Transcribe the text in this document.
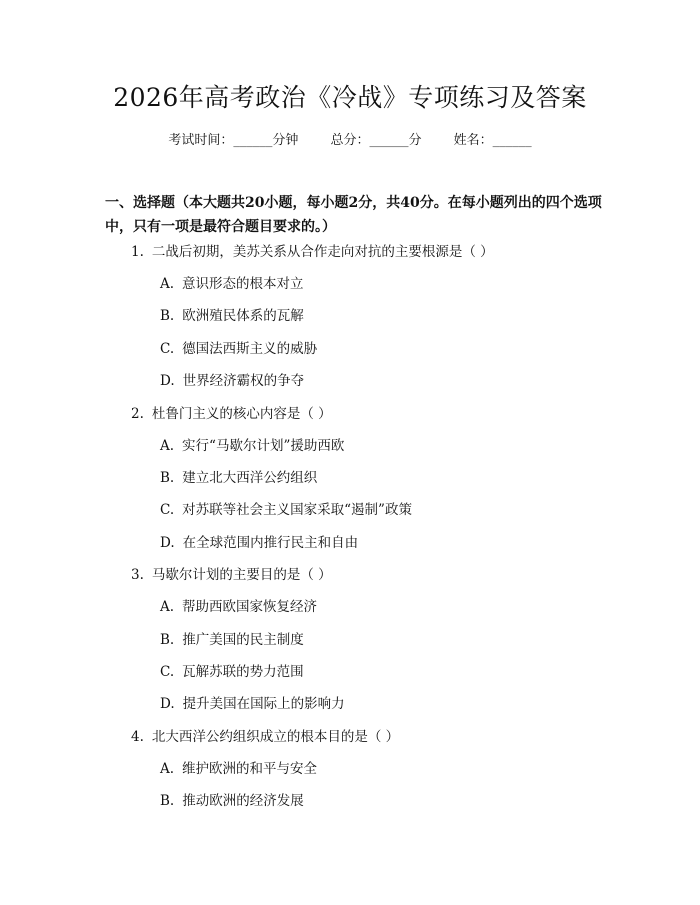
2026年高考政治《冷战》专项练习及答案
考试时间：______分钟 总分：______分 姓名：______
一、选择题（本大题共20小题，每小题2分，共40分。在每小题列出的四个选项中，只有一项是最符合题目要求的。）
1. 二战后初期，美苏关系从合作走向对抗的主要根源是（ ）
A. 意识形态的根本对立
B. 欧洲殖民体系的瓦解
C. 德国法西斯主义的威胁
D. 世界经济霸权的争夺
2. 杜鲁门主义的核心内容是（ ）
A. 实行“马歇尔计划”援助西欧
B. 建立北大西洋公约组织
C. 对苏联等社会主义国家采取“遏制”政策
D. 在全球范围内推行民主和自由
3. 马歇尔计划的主要目的是（ ）
A. 帮助西欧国家恢复经济
B. 推广美国的民主制度
C. 瓦解苏联的势力范围
D. 提升美国在国际上的影响力
4. 北大西洋公约组织成立的根本目的是（ ）
A. 维护欧洲的和平与安全
B. 推动欧洲的经济发展
